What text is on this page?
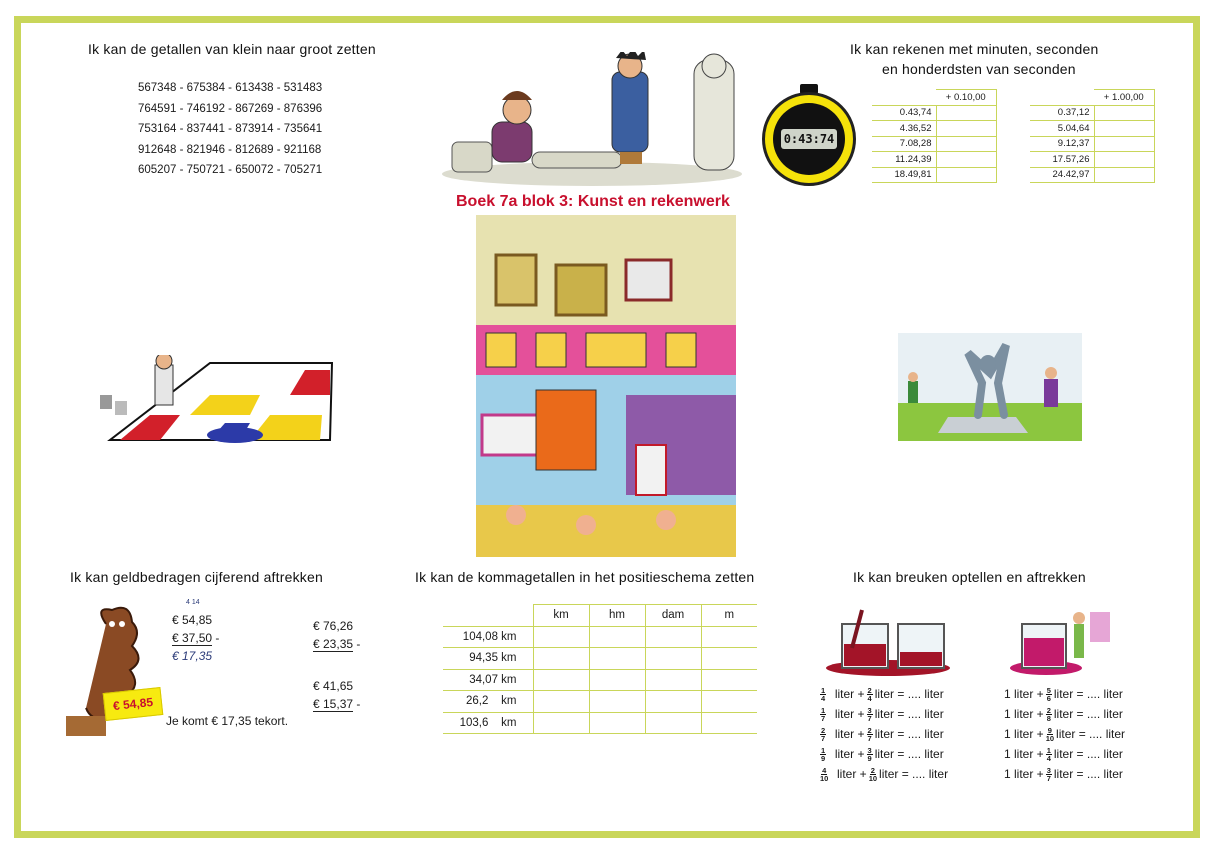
Boek 7a blok 3: Kunst en rekenwerk
Ik kan de getallen van klein naar groot zetten
567348 - 675384 - 613438 - 531483
764591 - 746192 - 867269 - 876396
753164 - 837441 - 873914 - 735641
912648 - 821946 - 812689 - 921168
605207 - 750721 - 650072 - 705271
Ik kan rekenen met minuten, seconden
en honderdsten van seconden
0:43:74
	+ 0.10,00
0.43,74	
4.36,52	
7.08,28	
11.24,39	
18.49,81	
	+ 1.00,00
0.37,12	
5.04,64	
9.12,37	
17.57,26	
24.42,97	
Ik kan geldbedragen cijferend aftrekken
€ 54,85
4 14
€ 54,85
€ 37,50 -
€ 17,35
€ 76,26
€ 23,35 -
€ 41,65
€ 15,37 -
Je komt € 17,35 tekort.
Ik kan de kommagetallen in het positieschema zetten
	km	hm	dam	m
104,08 km				
94,35 km				
34,07 km				
26,2    km				
103,6    km				
Ik kan breuken optellen en aftrekken
$\frac{1}{4}$ liter + $\frac{2}{4}$ liter = .... liter
$\frac{1}{7}$ liter + $\frac{3}{7}$ liter = .... liter
$\frac{2}{7}$ liter + $\frac{2}{7}$ liter = .... liter
$\frac{1}{9}$ liter + $\frac{3}{9}$ liter = .... liter
$\frac{4}{10}$ liter + $\frac{2}{10}$ liter = .... liter
1 liter + $\frac{5}{6}$ liter = .... liter
1 liter + $\frac{2}{8}$ liter = .... liter
1 liter + $\frac{9}{10}$ liter = .... liter
1 liter + $\frac{1}{4}$ liter = .... liter
1 liter + $\frac{3}{7}$ liter = .... liter
